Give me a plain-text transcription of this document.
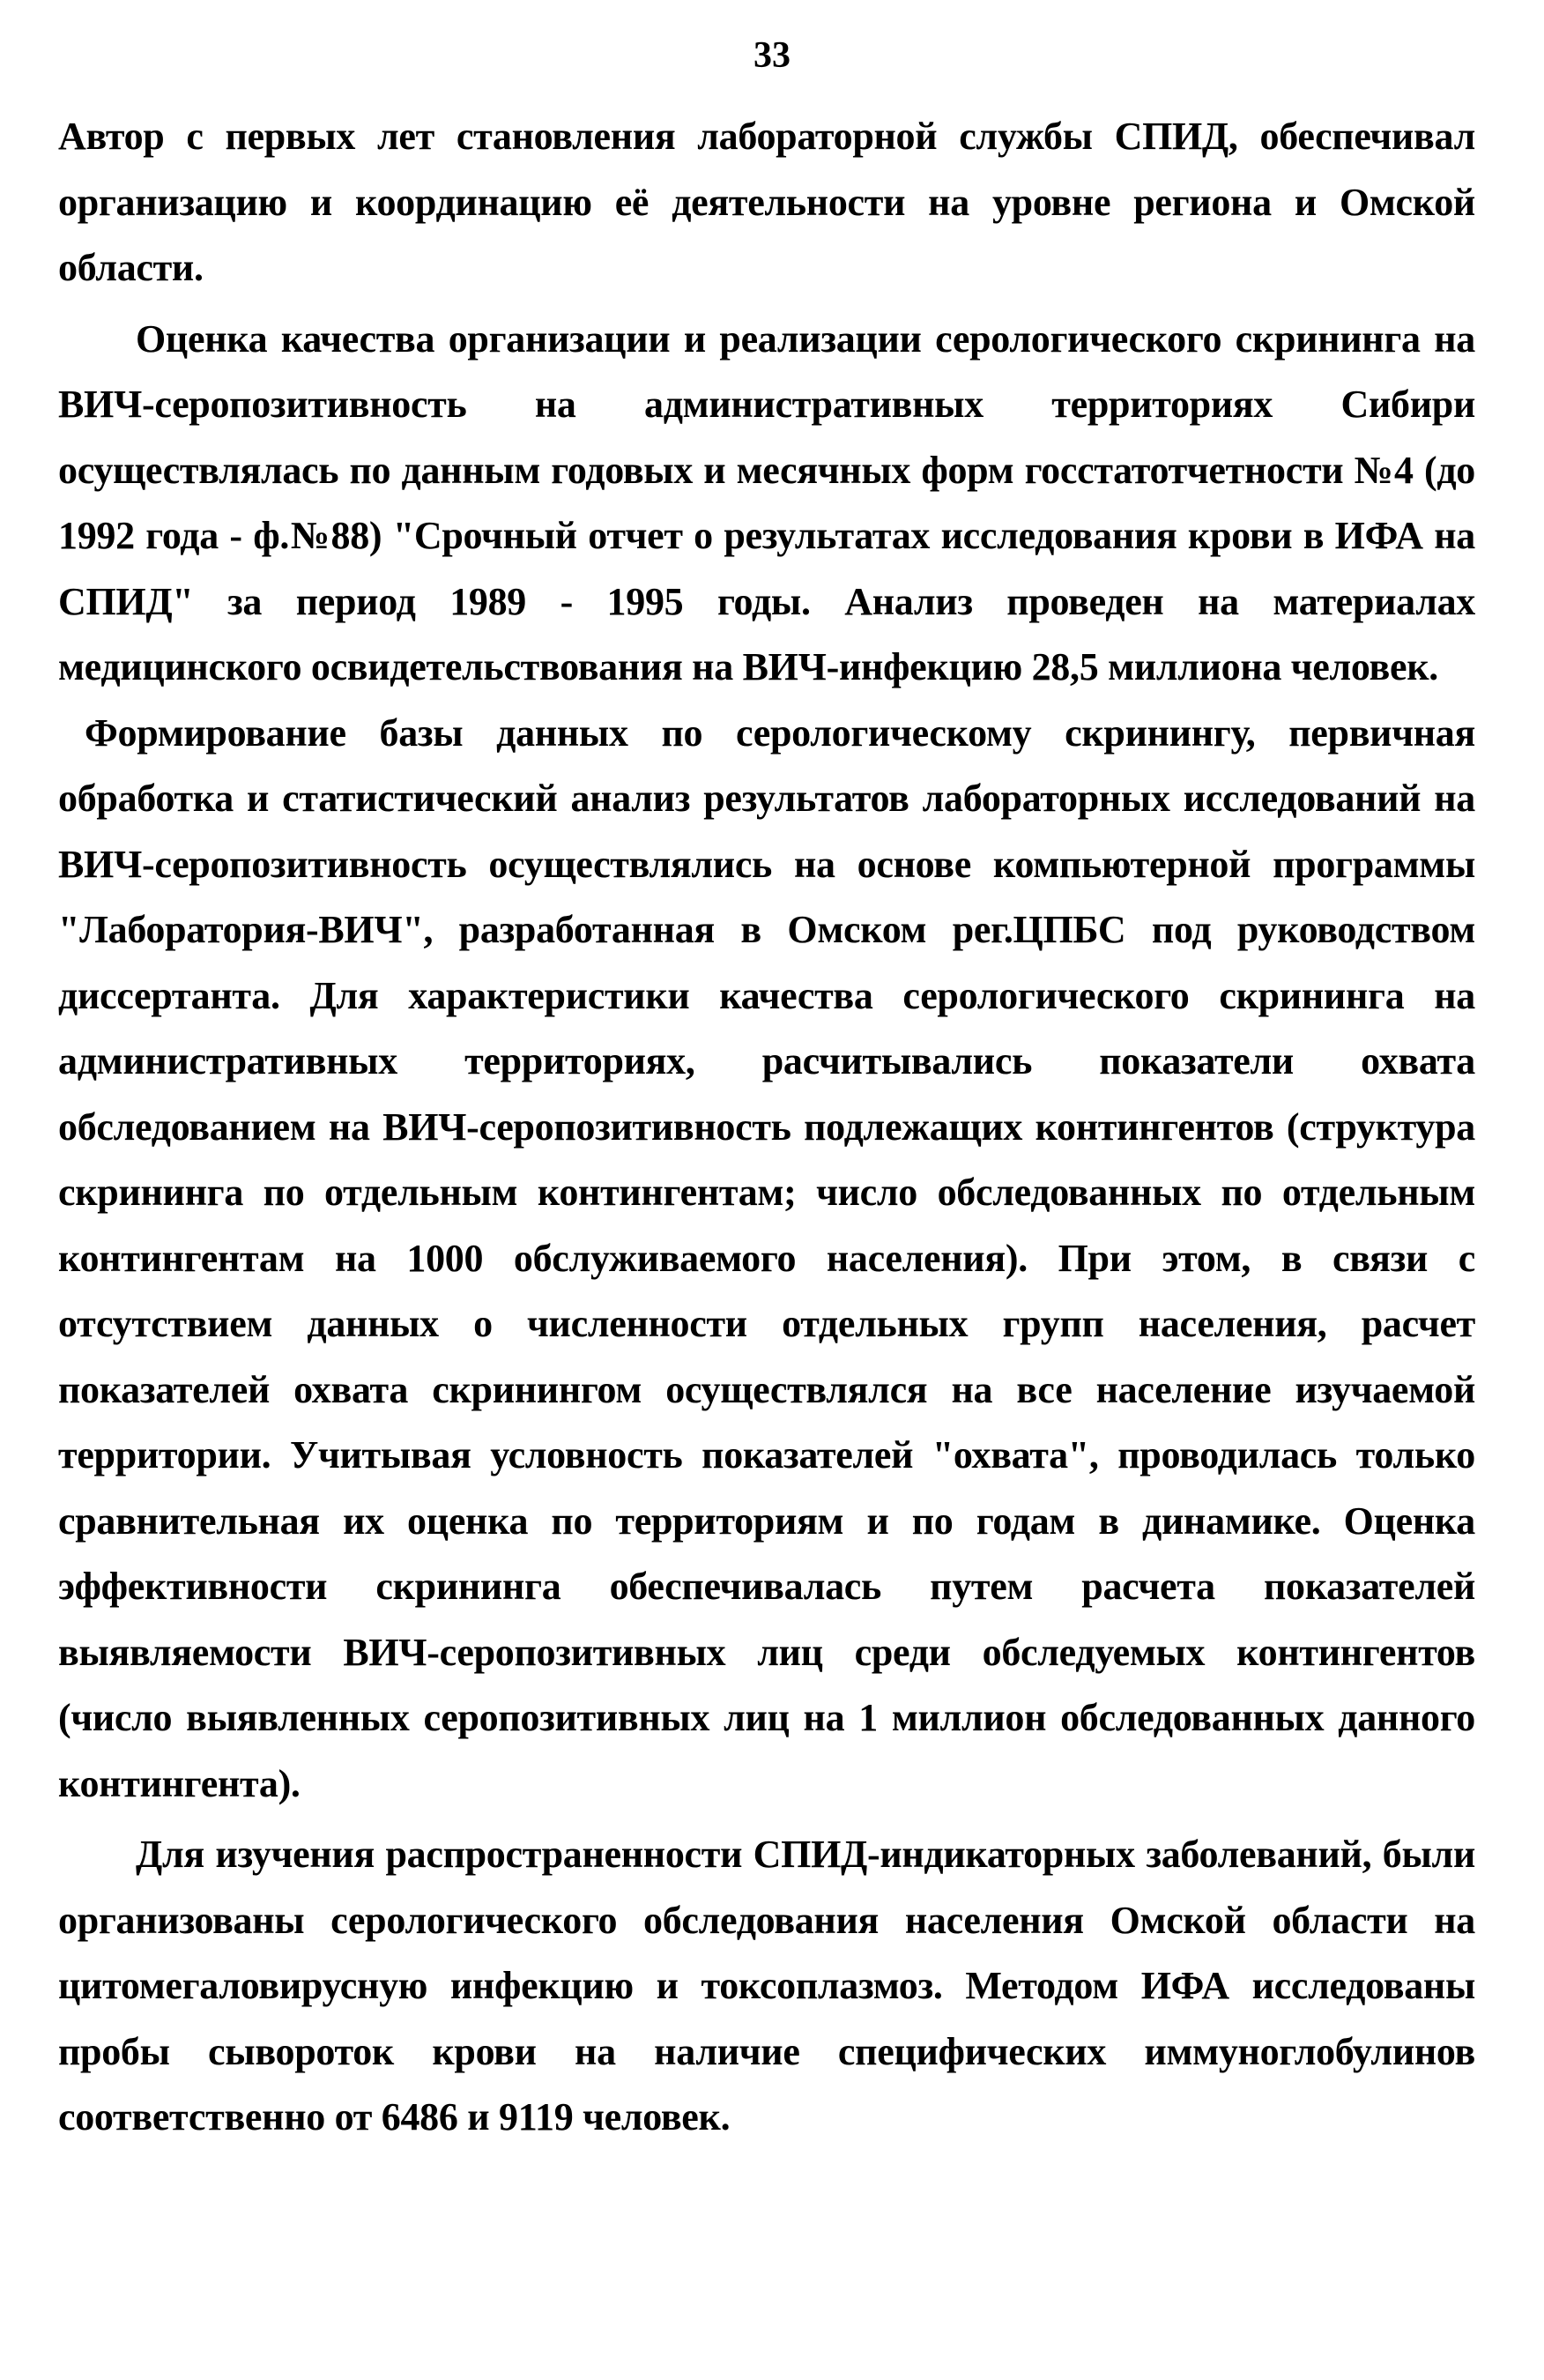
33

Автор с первых лет становления лабораторной службы СПИД, обеспечивал организацию и координацию её деятельности на уровне региона и Омской области.

Оценка качества организации и реализации серологического скрининга на ВИЧ-серопозитивность на административных территориях Сибири осуществлялась по данным годовых и месячных форм госстатотчетности №4 (до 1992 года - ф.№88) "Срочный отчет о результатах исследования крови в ИФА на СПИД" за период 1989 - 1995 годы. Анализ проведен на материалах медицинского освидетельствования на ВИЧ-инфекцию 28,5 миллиона человек.

Формирование базы данных по серологическому скринингу, первичная обработка и статистический анализ результатов лабораторных исследований на ВИЧ-серопозитивность осуществлялись на основе компьютерной программы "Лаборатория-ВИЧ", разработанная в Омском рег.ЦПБС под руководством диссертанта. Для характеристики качества серологического скрининга на административных территориях, расчитывались показатели охвата обследованием на ВИЧ-серопозитивность подлежащих контингентов (структура скрининга по отдельным контингентам; число обследованных по отдельным контингентам на 1000 обслуживаемого населения). При этом, в связи с отсутствием данных о численности отдельных групп населения, расчет показателей охвата скринингом осуществлялся на все население изучаемой территории. Учитывая условность показателей "охвата", проводилась только сравнительная их оценка по территориям и по годам в динамике. Оценка эффективности скрининга обеспечивалась путем расчета показателей выявляемости ВИЧ-серопозитивных лиц среди обследуемых контингентов (число выявленных серопозитивных лиц на 1 миллион обследованных данного контингента).

Для изучения распространенности СПИД-индикаторных заболеваний, были организованы серологического обследования населения Омской области на цитомегаловирусную инфекцию и токсоплазмоз. Методом ИФА исследованы пробы сывороток крови на наличие специфических иммуноглобулинов соответственно от 6486 и 9119 человек.
